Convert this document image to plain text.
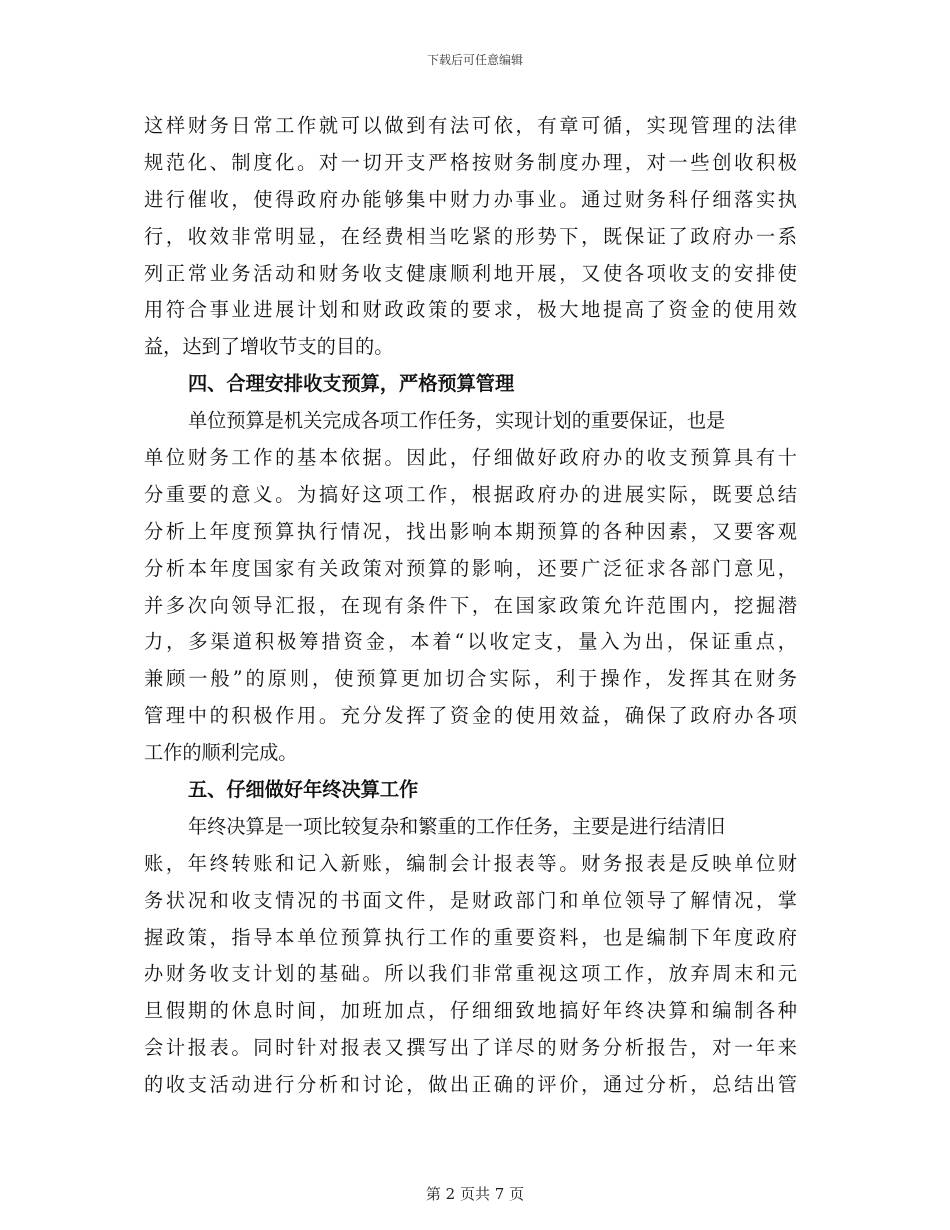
下载后可任意编辑
这样财务日常工作就可以做到有法可依，有章可循，实现管理的法律
规范化、制度化。对一切开支严格按财务制度办理，对一些创收积极
进行催收，使得政府办能够集中财力办事业。通过财务科仔细落实执
行，收效非常明显，在经费相当吃紧的形势下，既保证了政府办一系
列正常业务活动和财务收支健康顺利地开展，又使各项收支的安排使
用符合事业进展计划和财政政策的要求，极大地提高了资金的使用效
益，达到了增收节支的目的。
四、合理安排收支预算，严格预算管理
单位预算是机关完成各项工作任务，实现计划的重要保证，也是
单位财务工作的基本依据。因此，仔细做好政府办的收支预算具有十
分重要的意义。为搞好这项工作，根据政府办的进展实际，既要总结
分析上年度预算执行情况，找出影响本期预算的各种因素，又要客观
分析本年度国家有关政策对预算的影响，还要广泛征求各部门意见，
并多次向领导汇报，在现有条件下，在国家政策允许范围内，挖掘潜
力，多渠道积极筹措资金，本着“以收定支，量入为出，保证重点，
兼顾一般”的原则，使预算更加切合实际，利于操作，发挥其在财务
管理中的积极作用。充分发挥了资金的使用效益，确保了政府办各项
工作的顺利完成。
五、仔细做好年终决算工作
年终决算是一项比较复杂和繁重的工作任务，主要是进行结清旧
账，年终转账和记入新账，编制会计报表等。财务报表是反映单位财
务状况和收支情况的书面文件，是财政部门和单位领导了解情况，掌
握政策，指导本单位预算执行工作的重要资料，也是编制下年度政府
办财务收支计划的基础。所以我们非常重视这项工作，放弃周末和元
旦假期的休息时间，加班加点，仔细细致地搞好年终决算和编制各种
会计报表。同时针对报表又撰写出了详尽的财务分析报告，对一年来
的收支活动进行分析和讨论，做出正确的评价，通过分析，总结出管
第 2 页共 7 页
